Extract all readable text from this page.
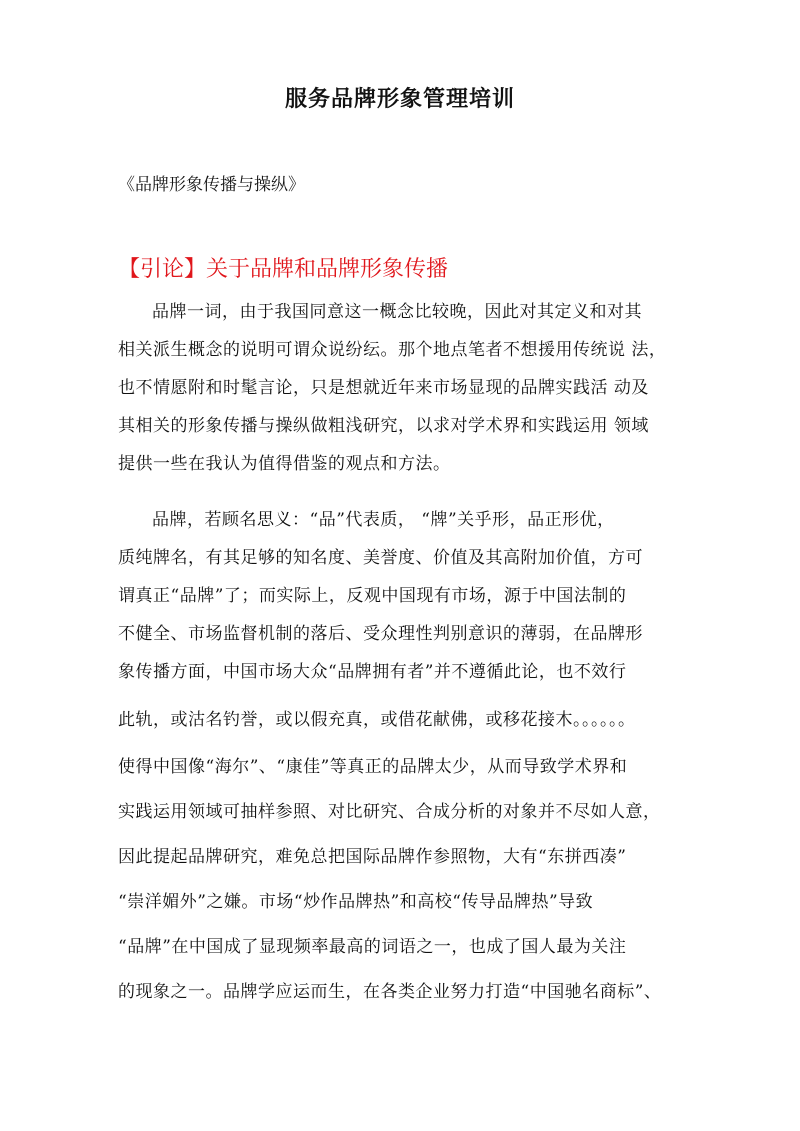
服务品牌形象管理培训
《品牌形象传播与操纵》
【引论】关于品牌和品牌形象传播
品牌一词，由于我国同意这一概念比较晚，因此对其定义和对其
相关派生概念的说明可谓众说纷纭。那个地点笔者不想援用传统说 法，
也不情愿附和时髦言论，只是想就近年来市场显现的品牌实践活 动及
其相关的形象传播与操纵做粗浅研究，以求对学术界和实践运用 领域
提供一些在我认为值得借鉴的观点和方法。
品牌，若顾名思义：“品”代表质， “牌”关乎形，品正形优，
质纯牌名，有其足够的知名度、美誉度、价值及其高附加价值，方可
谓真正“品牌”了；而实际上，反观中国现有市场，源于中国法制的
不健全、市场监督机制的落后、受众理性判别意识的薄弱，在品牌形
象传播方面，中国市场大众“品牌拥有者”并不遵循此论，也不效行
此轨，或沽名钓誉，或以假充真，或借花献佛，或移花接木。。。。。。
使得中国像“海尔”、“康佳”等真正的品牌太少，从而导致学术界和
实践运用领域可抽样参照、对比研究、合成分析的对象并不尽如人意，
因此提起品牌研究，难免总把国际品牌作参照物，大有“东拼西凑”
“崇洋媚外”之嫌。市场“炒作品牌热”和高校“传导品牌热”导致
“品牌”在中国成了显现频率最高的词语之一，也成了国人最为关注
的现象之一。品牌学应运而生，在各类企业努力打造“中国驰名商标”、
